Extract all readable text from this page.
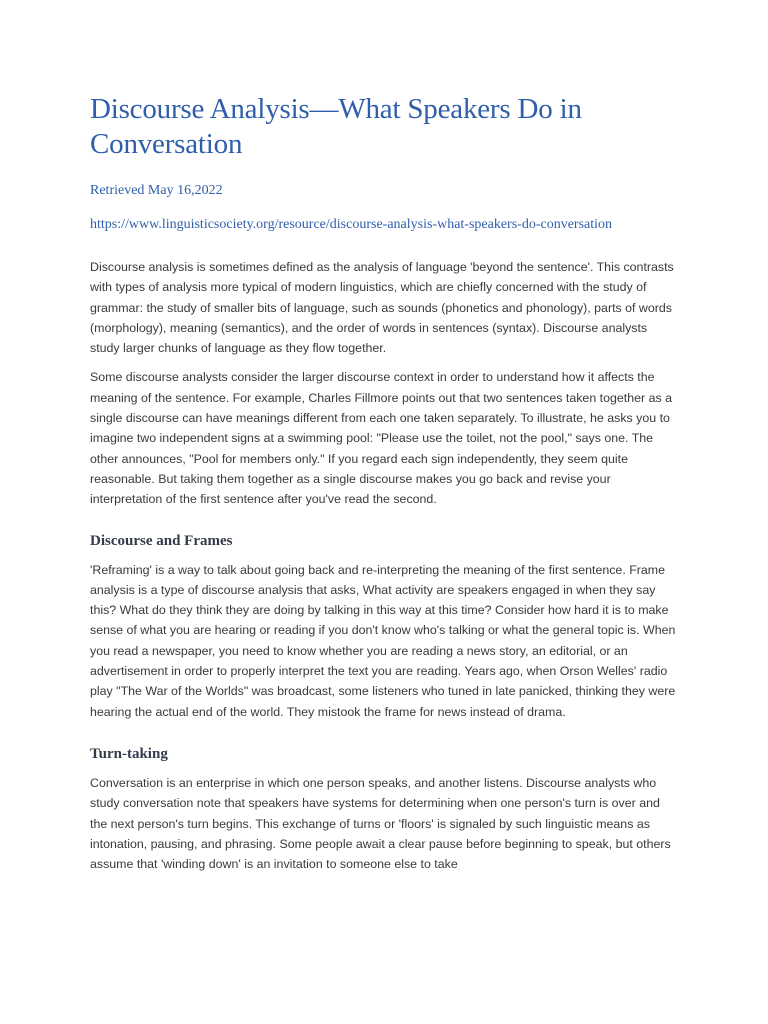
Discourse Analysis—What Speakers Do in Conversation
Retrieved May 16,2022
https://www.linguisticsociety.org/resource/discourse-analysis-what-speakers-do-conversation

Discourse analysis is sometimes defined as the analysis of language 'beyond the sentence'. This contrasts with types of analysis more typical of modern linguistics, which are chiefly concerned with the study of grammar: the study of smaller bits of language, such as sounds (phonetics and phonology), parts of words (morphology), meaning (semantics), and the order of words in sentences (syntax). Discourse analysts study larger chunks of language as they flow together.

Some discourse analysts consider the larger discourse context in order to understand how it affects the meaning of the sentence. For example, Charles Fillmore points out that two sentences taken together as a single discourse can have meanings different from each one taken separately. To illustrate, he asks you to imagine two independent signs at a swimming pool: "Please use the toilet, not the pool," says one. The other announces, "Pool for members only." If you regard each sign independently, they seem quite reasonable. But taking them together as a single discourse makes you go back and revise your interpretation of the first sentence after you've read the second.

Discourse and Frames

'Reframing' is a way to talk about going back and re-interpreting the meaning of the first sentence. Frame analysis is a type of discourse analysis that asks, What activity are speakers engaged in when they say this? What do they think they are doing by talking in this way at this time? Consider how hard it is to make sense of what you are hearing or reading if you don't know who's talking or what the general topic is. When you read a newspaper, you need to know whether you are reading a news story, an editorial, or an advertisement in order to properly interpret the text you are reading. Years ago, when Orson Welles' radio play "The War of the Worlds" was broadcast, some listeners who tuned in late panicked, thinking they were hearing the actual end of the world. They mistook the frame for news instead of drama.

Turn-taking

Conversation is an enterprise in which one person speaks, and another listens. Discourse analysts who study conversation note that speakers have systems for determining when one person's turn is over and the next person's turn begins. This exchange of turns or 'floors' is signaled by such linguistic means as intonation, pausing, and phrasing. Some people await a clear pause before beginning to speak, but others assume that 'winding down' is an invitation to someone else to take
